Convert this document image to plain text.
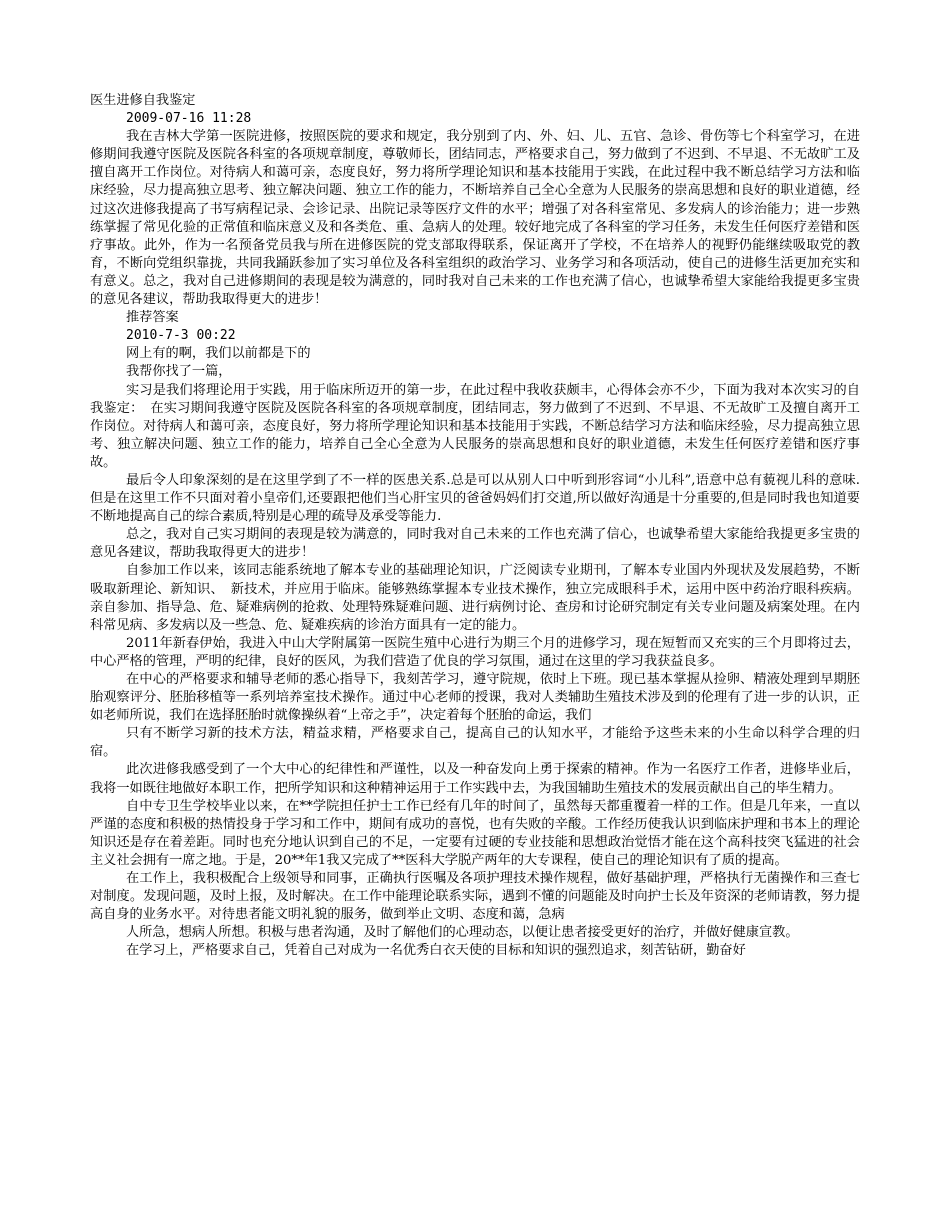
医生进修自我鉴定

2009-07-16 11:28

我在吉林大学第一医院进修，按照医院的要求和规定，我分别到了内、外、妇、儿、五官、急诊、骨伤等七个科室学习，在进修期间我遵守医院及医院各科室的各项规章制度，尊敬师长，团结同志，严格要求自己，努力做到了不迟到、不早退、不无故旷工及擅自离开工作岗位。对待病人和蔼可亲，态度良好，努力将所学理论知识和基本技能用于实践，在此过程中我不断总结学习方法和临床经验，尽力提高独立思考、独立解决问题、独立工作的能力，不断培养自己全心全意为人民服务的崇高思想和良好的职业道德，经过这次进修我提高了书写病程记录、会诊记录、出院记录等医疗文件的水平；增强了对各科室常见、多发病人的诊治能力；进一步熟练掌握了常见化验的正常值和临床意义及和各类危、重、急病人的处理。较好地完成了各科室的学习任务，未发生任何医疗差错和医疗事故。此外，作为一名预备党员我与所在进修医院的党支部取得联系，保证离开了学校，不在培养人的视野仍能继续吸取党的教育，不断向党组织靠拢，共同我踊跃参加了实习单位及各科室组织的政治学习、业务学习和各项活动，使自己的进修生活更加充实和有意义。总之，我对自己进修期间的表现是较为满意的，同时我对自己未来的工作也充满了信心，也诚挚希望大家能给我提更多宝贵的意见各建议，帮助我取得更大的进步！

推荐答案

2010-7-3 00:22

网上有的啊，我们以前都是下的

我帮你找了一篇，

实习是我们将理论用于实践，用于临床所迈开的第一步，在此过程中我收获颇丰，心得体会亦不少，下面为我对本次实习的自我鉴定：　在实习期间我遵守医院及医院各科室的各项规章制度，团结同志，努力做到了不迟到、不早退、不无故旷工及擅自离开工作岗位。对待病人和蔼可亲，态度良好，努力将所学理论知识和基本技能用于实践，不断总结学习方法和临床经验，尽力提高独立思考、独立解决问题、独立工作的能力，培养自己全心全意为人民服务的崇高思想和良好的职业道德，未发生任何医疗差错和医疗事故。

最后令人印象深刻的是在这里学到了不一样的医患关系.总是可以从别人口中听到形容词“小儿科”,语意中总有藐视儿科的意味.但是在这里工作不只面对着小皇帝们,还要跟把他们当心肝宝贝的爸爸妈妈们打交道,所以做好沟通是十分重要的,但是同时我也知道要不断地提高自己的综合素质,特别是心理的疏导及承受等能力.

总之，我对自己实习期间的表现是较为满意的，同时我对自己未来的工作也充满了信心，也诚挚希望大家能给我提更多宝贵的意见各建议，帮助我取得更大的进步！

自参加工作以来，该同志能系统地了解本专业的基础理论知识，广泛阅读专业期刊，了解本专业国内外现状及发展趋势，不断吸取新理论、新知识、　新技术，并应用于临床。能够熟练掌握本专业技术操作，独立完成眼科手术，运用中医中药治疗眼科疾病。亲自参加、指导急、危、疑难病例的抢救、处理特殊疑难问题、进行病例讨论、查房和讨论研究制定有关专业问题及病案处理。在内科常见病、多发病以及一些急、危、疑难疾病的诊治方面具有一定的能力。

2011年新春伊始，我进入中山大学附属第一医院生殖中心进行为期三个月的进修学习，现在短暂而又充实的三个月即将过去，中心严格的管理，严明的纪律，良好的医风，为我们营造了优良的学习氛围，通过在这里的学习我获益良多。

在中心的严格要求和辅导老师的悉心指导下，我刻苦学习，遵守院规，依时上下班。现已基本掌握从捡卵、精液处理到早期胚胎观察评分、胚胎移植等一系列培养室技术操作。通过中心老师的授课，我对人类辅助生殖技术涉及到的伦理有了进一步的认识，正如老师所说，我们在选择胚胎时就像操纵着“上帝之手”，决定着每个胚胎的命运，我们

只有不断学习新的技术方法，精益求精，严格要求自己，提高自己的认知水平，才能给予这些未来的小生命以科学合理的归宿。

此次进修我感受到了一个大中心的纪律性和严谨性，以及一种奋发向上勇于探索的精神。作为一名医疗工作者，进修毕业后，我将一如既往地做好本职工作，把所学知识和这种精神运用于工作实践中去，为我国辅助生殖技术的发展贡献出自己的毕生精力。

自中专卫生学校毕业以来，在**学院担任护士工作已经有几年的时间了，虽然每天都重覆着一样的工作。但是几年来，一直以严谨的态度和积极的热情投身于学习和工作中，期间有成功的喜悦，也有失败的辛酸。工作经历使我认识到临床护理和书本上的理论知识还是存在着差距。同时也充分地认识到自己的不足，一定要有过硬的专业技能和思想政治觉悟才能在这个高科技突飞猛进的社会主义社会拥有一席之地。于是，20**年1我又完成了**医科大学脱产两年的大专课程，使自己的理论知识有了质的提高。

在工作上，我积极配合上级领导和同事，正确执行医嘱及各项护理技术操作规程，做好基础护理，严格执行无菌操作和三查七对制度。发现问题，及时上报，及时解决。在工作中能理论联系实际，遇到不懂的问题能及时向护士长及年资深的老师请教，努力提高自身的业务水平。对待患者能文明礼貌的服务，做到举止文明、态度和蔼，急病

人所急，想病人所想。积极与患者沟通，及时了解他们的心理动态，以便让患者接受更好的治疗，并做好健康宣教。

在学习上，严格要求自己，凭着自己对成为一名优秀白衣天使的目标和知识的强烈追求，刻苦钻研，勤奋好
